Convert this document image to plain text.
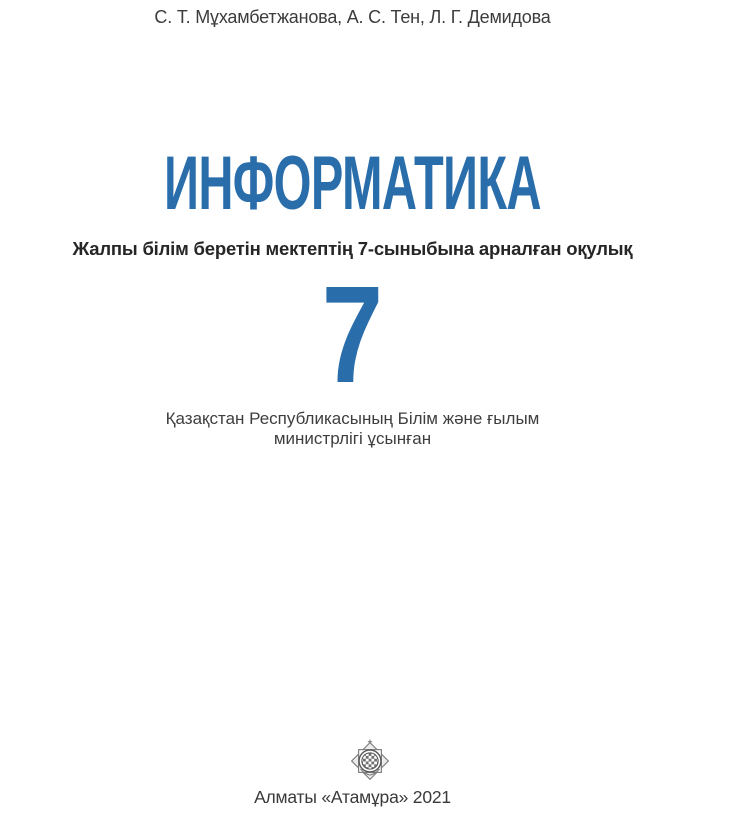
С. Т. Мұхамбетжанова, А. С. Тен, Л. Г. Демидова
ИНФОРМАТИКА
Жалпы білім беретін мектептің 7-сыныбына арналған оқулық
7
Қазақстан Республикасының Білім және ғылым
министрлігі ұсынған
Алматы «Атамұра» 2021
